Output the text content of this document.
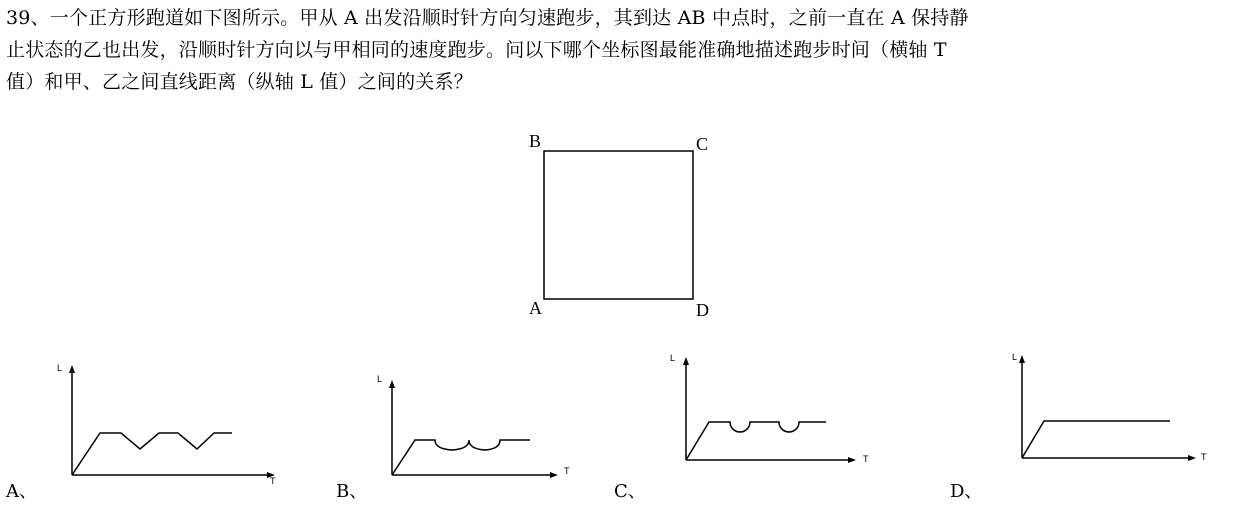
39、一个正方形跑道如下图所示。甲从 A 出发沿顺时针方向匀速跑步，其到达 AB 中点时，之前一直在 A 保持静

止状态的乙也出发，沿顺时针方向以与甲相同的速度跑步。问以下哪个坐标图最能准确地描述跑步时间（横轴 T

值）和甲、乙之间直线距离（纵轴 L 值）之间的关系？

B	C
A	D
L
T
A、
L
T
B、
L
T
C、
L
T
D、
